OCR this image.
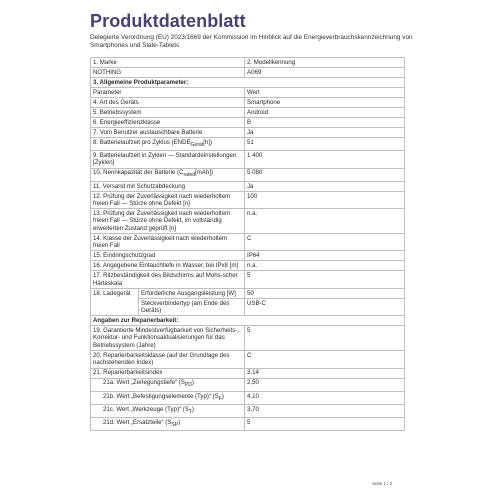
Produktdatenblatt
Delegierte Verordnung (EU) 2023/1669 der Kommission im Hinblick auf die Energieverbrauchskennzeichnung von Smartphones und Slate-Tablets
1. Marke		2. Modellkennung
NOTHING		A069
3. Allgemeine Produktparameter:		
Parameter		Wert
4. Art des Geräts		Smartphone
5. Betriebssystem		Android
6. Energieeffizienzklasse		B
7. Vom Benutzer austauschbare Batterie		Ja
8. Batterielaufzeit pro Zyklus $(ENDE_{Gerät}[h])$		51
9. Batterielaufzeit in Zyklen — Standardeinstellungen [Zyklen]		1 400
10. Nennkapazität der Batterie $(C_{rated}[mAh])$		5 080
11. Versand mit Schutzabdeckung		Ja
12. Prüfung der Zuverlässigkeit nach wiederholtem freien Fall — Stürze ohne Defekt [n]		100
13. Prüfung der Zuverlässigkeit nach wiederholtem freien Fall — Stürze ohne Defekt, im vollständig erweiterten Zustand geprüft [n]		n.a.
14. Klasse der Zuverlässigkeit nach wiederholtem freien Fall		C
15. Eindringschutzgrad		IP64
16. Angegebene Eintauchtiefe in Wasser, bei IPx8 [m]		n.a.
17. Ritzbeständigkeit des Bildschirms auf Mohs-scher Härteskala		5
18. Ladegerät	Erforderliche Ausgangsleistung [W]	50
	Steckverbindertyp (am Ende des Geräts)	USB-C
Angaben zur Reparierbarkeit:		
19. Garantierte Mindestverfügbarkeit von Sicherheits-, Korrektur- und Funktionsaktualisierungen für das Betriebssystem (Jahre)		5
20. Reparierbarkeitsklasse (auf der Grundlage des nachstehenden Index)		C
21. Reparierbarkeitsindex		3,14
21a. Wert „Zerlegungstiefe“ $(S_{PD})$		2,50
21b. Wert „Befestigungselemente (Typ)“ $(S_F)$		4,10
21c. Wert „Werkzeuge (Typ)“ $(S_T)$		3,70
21d. Wert „Ersatzteile“ $(S_{SP})$		5
Seite 1 / 2
